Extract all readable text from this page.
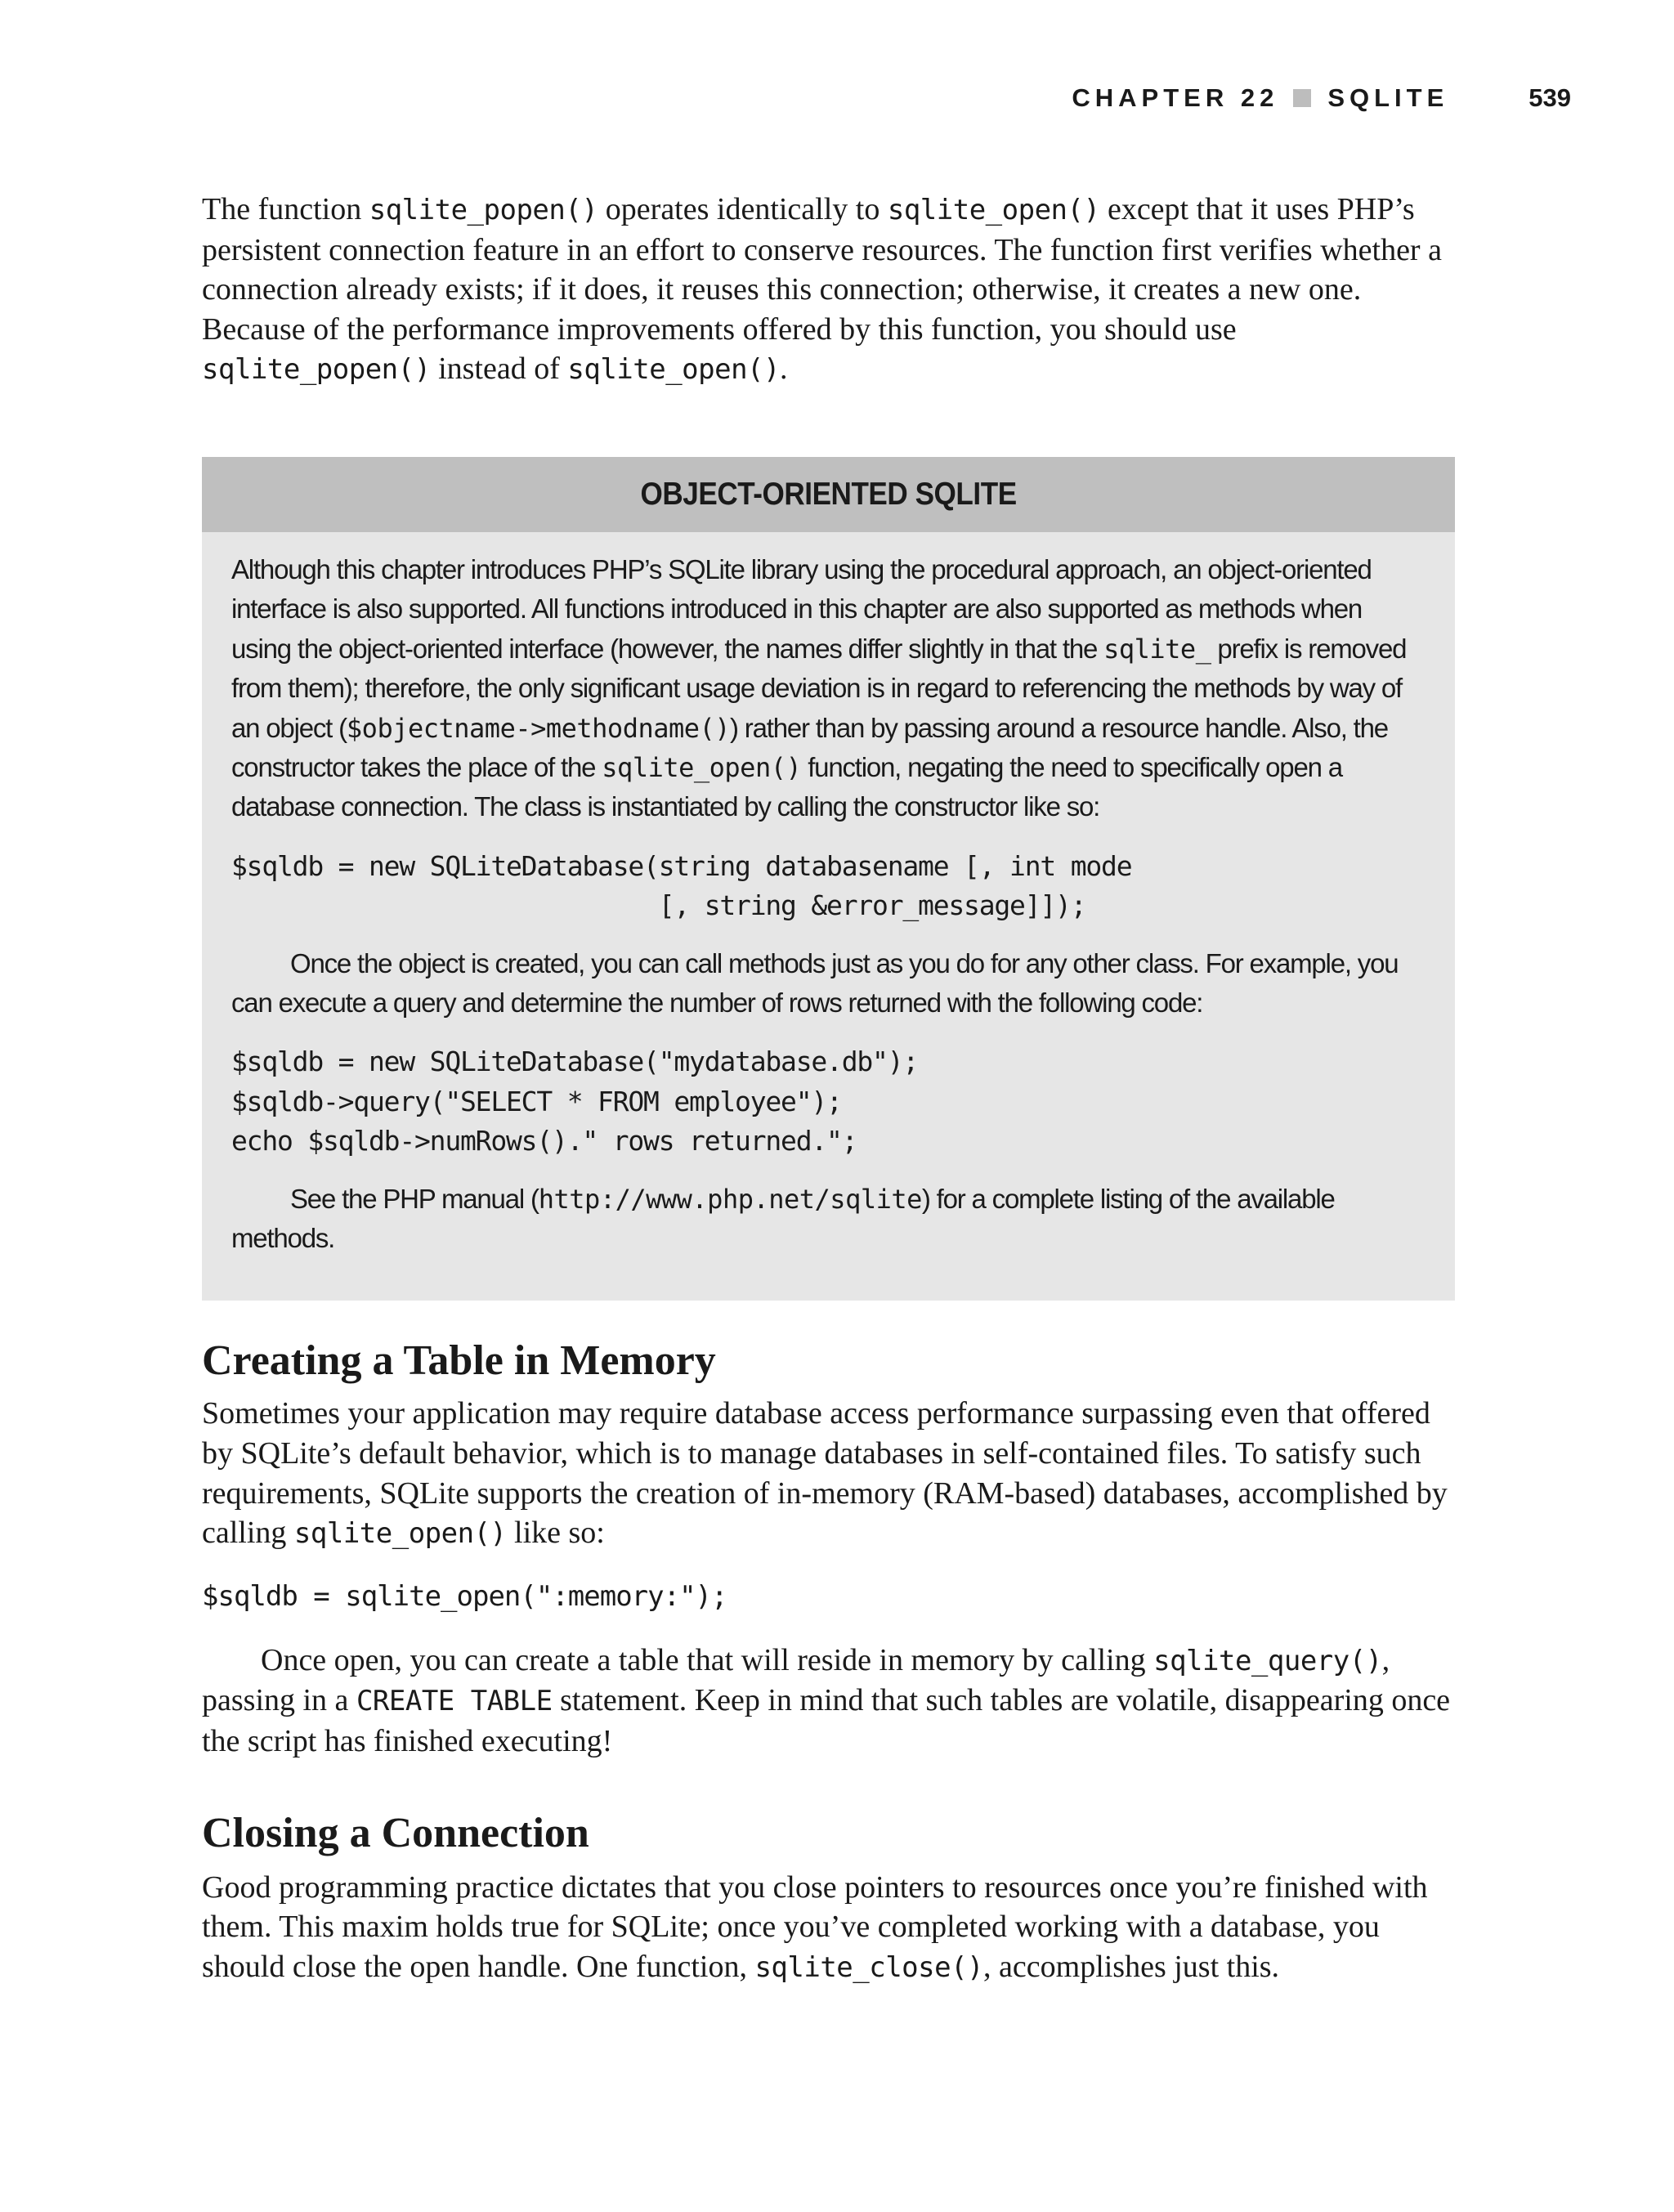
CHAPTER 22 SQLITE	539

The function sqlite_popen() operates identically to sqlite_open() except that it uses PHP’s persistent connection feature in an effort to conserve resources. The function first verifies whether a connection already exists; if it does, it reuses this connection; otherwise, it creates a new one. Because of the performance improvements offered by this function, you should use sqlite_popen() instead of sqlite_open().

OBJECT-ORIENTED SQLITE

Although this chapter introduces PHP’s SQLite library using the procedural approach, an object-oriented interface is also supported. All functions introduced in this chapter are also supported as methods when using the object-oriented interface (however, the names differ slightly in that the sqlite_ prefix is removed from them); therefore, the only significant usage deviation is in regard to referencing the methods by way of an object ($objectname->methodname()) rather than by passing around a resource handle. Also, the constructor takes the place of the sqlite_open() function, negating the need to specifically open a database connection. The class is instantiated by calling the constructor like so:

$sqldb = new SQLiteDatabase(string databasename [, int mode
[, string &error_message]]);

Once the object is created, you can call methods just as you do for any other class. For example, you can execute a query and determine the number of rows returned with the following code:

$sqldb = new SQLiteDatabase("mydatabase.db");
$sqldb->query("SELECT * FROM employee");
echo $sqldb->numRows()." rows returned.";

See the PHP manual (http://www.php.net/sqlite) for a complete listing of the available methods.

Creating a Table in Memory

Sometimes your application may require database access performance surpassing even that offered by SQLite’s default behavior, which is to manage databases in self-contained files. To satisfy such requirements, SQLite supports the creation of in-memory (RAM-based) databases, accomplished by calling sqlite_open() like so:

$sqldb = sqlite_open(":memory:");

Once open, you can create a table that will reside in memory by calling sqlite_query(), passing in a CREATE TABLE statement. Keep in mind that such tables are volatile, disappearing once the script has finished executing!

Closing a Connection

Good programming practice dictates that you close pointers to resources once you’re finished with them. This maxim holds true for SQLite; once you’ve completed working with a database, you should close the open handle. One function, sqlite_close(), accomplishes just this.
